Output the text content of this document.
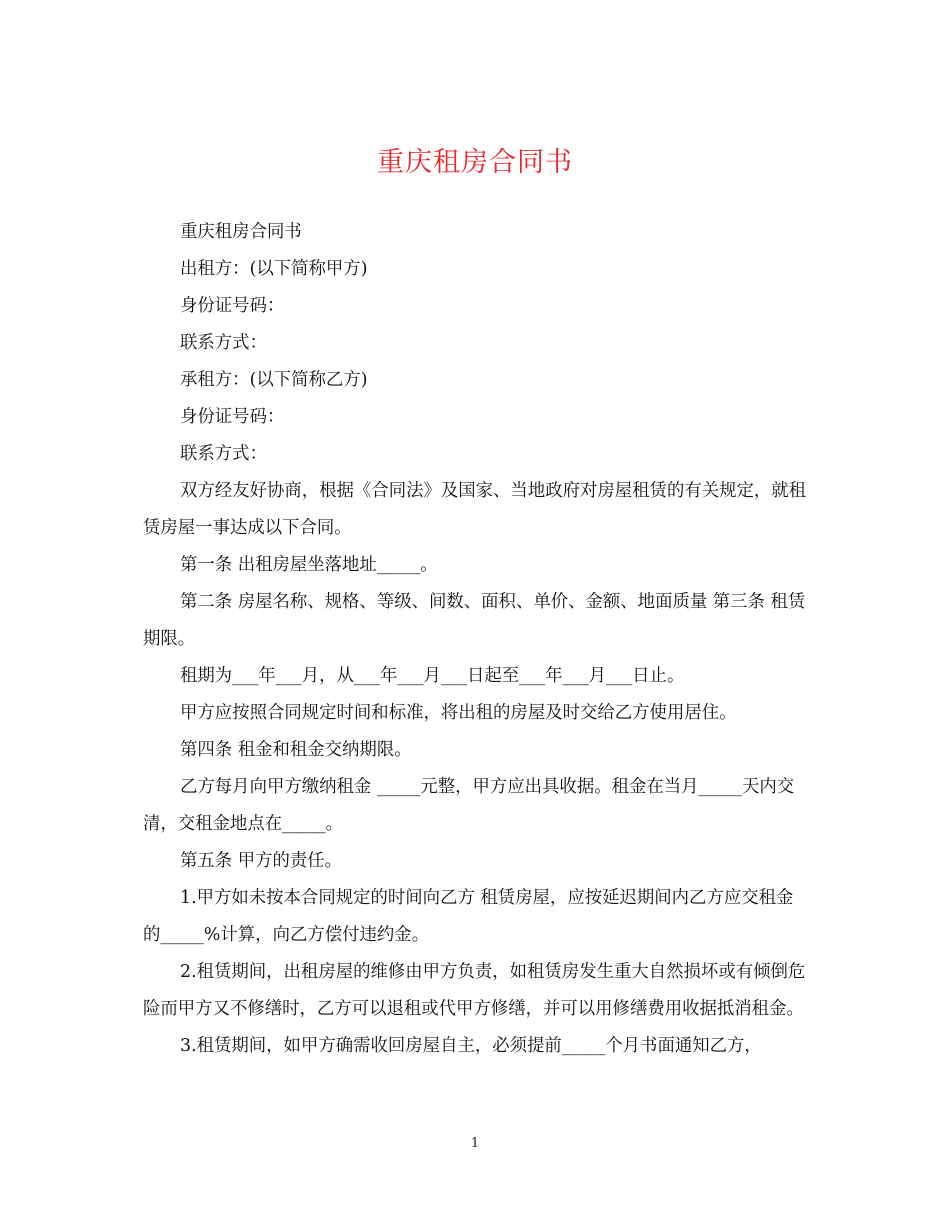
重庆租房合同书

重庆租房合同书

出租方：(以下简称甲方)

身份证号码：

联系方式：

承租方：(以下简称乙方)

身份证号码：

联系方式：

双方经友好协商，根据《合同法》及国家、当地政府对房屋租赁的有关规定，就租赁房屋一事达成以下合同。

第一条 出租房屋坐落地址_____。

第二条 房屋名称、规格、等级、间数、面积、单价、金额、地面质量 第三条 租赁期限。

租期为___年___月，从___年___月___日起至___年___月___日止。

甲方应按照合同规定时间和标准，将出租的房屋及时交给乙方使用居住。

第四条 租金和租金交纳期限。

乙方每月向甲方缴纳租金 _____元整，甲方应出具收据。租金在当月_____天内交清，交租金地点在_____。

第五条 甲方的责任。

1.甲方如未按本合同规定的时间向乙方 租赁房屋，应按延迟期间内乙方应交租金的_____%计算，向乙方偿付违约金。

2.租赁期间，出租房屋的维修由甲方负责，如租赁房发生重大自然损坏或有倾倒危险而甲方又不修缮时，乙方可以退租或代甲方修缮，并可以用修缮费用收据抵消租金。

3.租赁期间，如甲方确需收回房屋自主，必须提前_____个月书面通知乙方，

1
